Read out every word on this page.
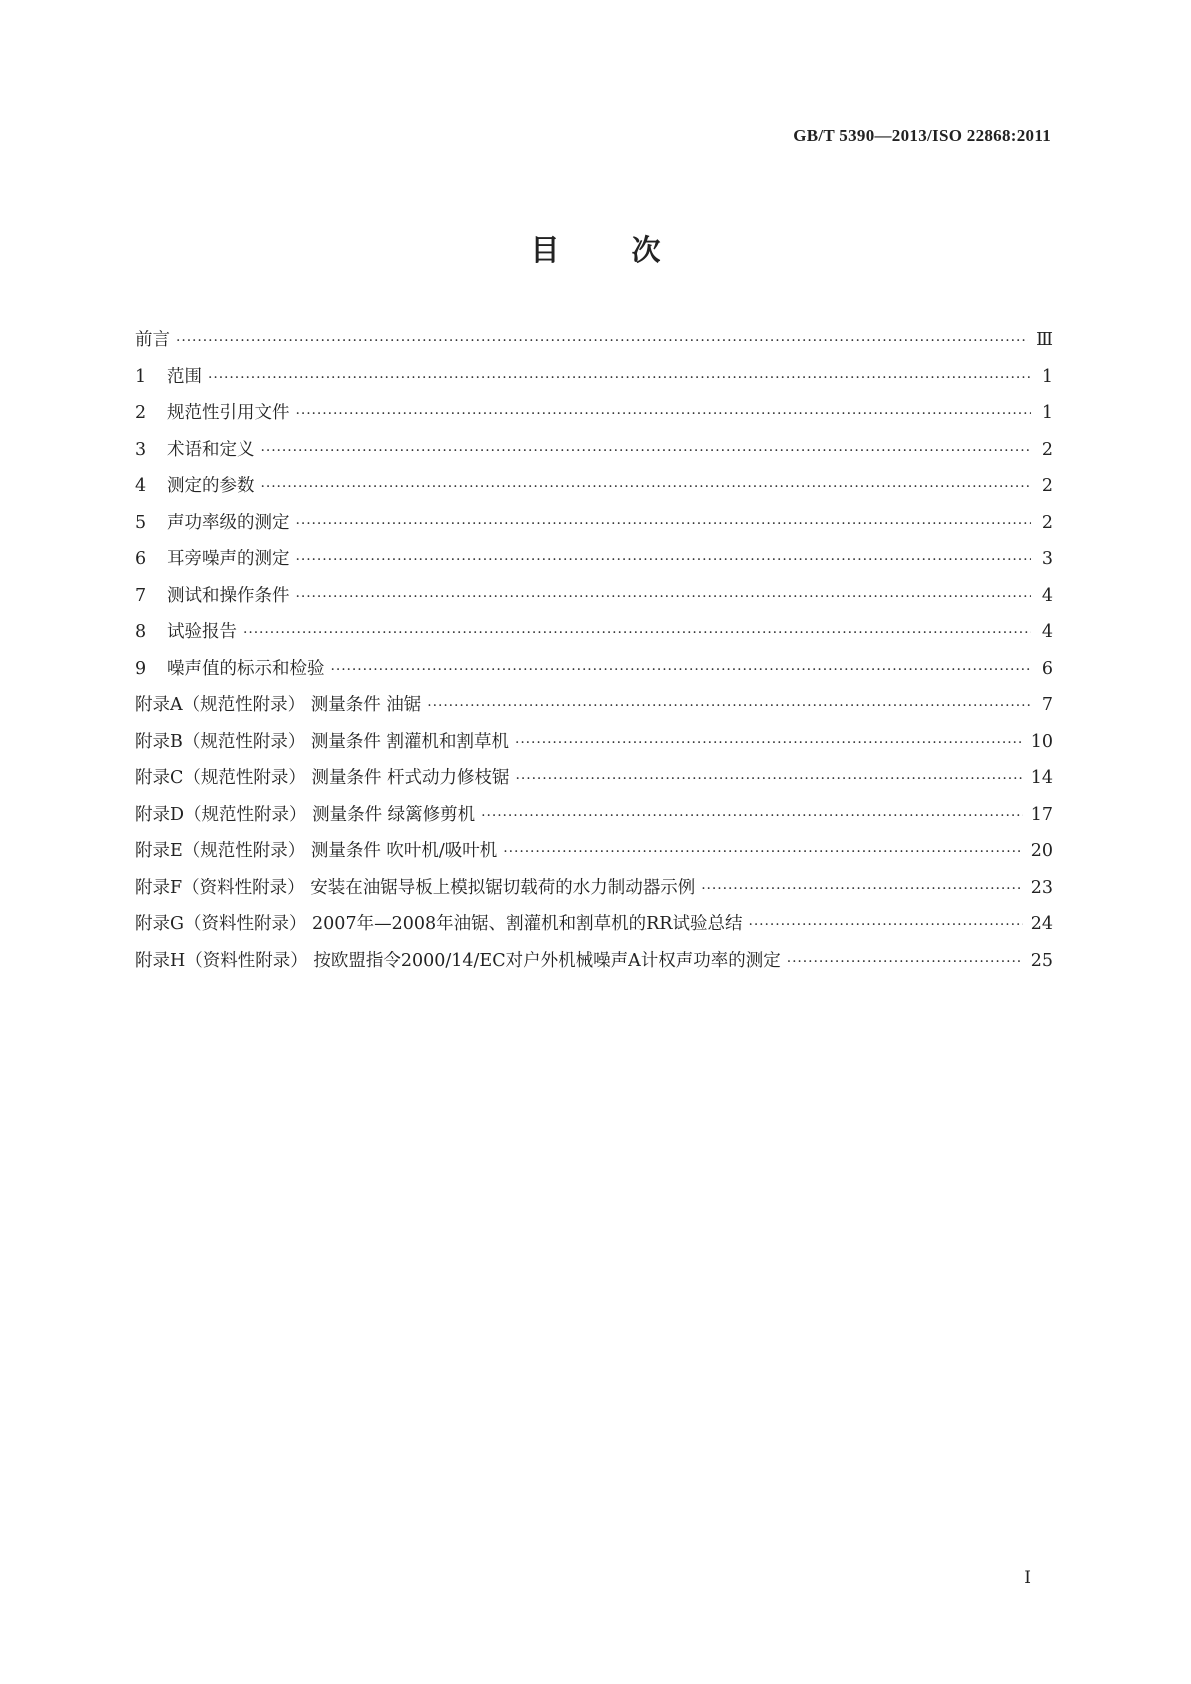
GB/T 5390—2013/ISO 22868:2011
目次
前言 ·····	Ⅲ
1 范围 ·····	1
2 规范性引用文件 ·····	1
3 术语和定义 ·····	2
4 测定的参数 ·····	2
5 声功率级的测定 ·····	2
6 耳旁噪声的测定 ·····	3
7 测试和操作条件 ·····	4
8 试验报告 ·····	4
9 噪声值的标示和检验 ·····	6
附录A（规范性附录） 测量条件 油锯 ·····	7
附录B（规范性附录） 测量条件 割灌机和割草机 ·····	10
附录C（规范性附录） 测量条件 杆式动力修枝锯 ·····	14
附录D（规范性附录） 测量条件 绿篱修剪机 ·····	17
附录E（规范性附录） 测量条件 吹叶机/吸叶机 ·····	20
附录F（资料性附录） 安装在油锯导板上模拟锯切载荷的水力制动器示例 ·····	23
附录G（资料性附录） 2007年—2008年油锯、割灌机和割草机的RR试验总结 ·····	24
附录H（资料性附录） 按欧盟指令2000/14/EC对户外机械噪声A计权声功率的测定 ·····	25
I
